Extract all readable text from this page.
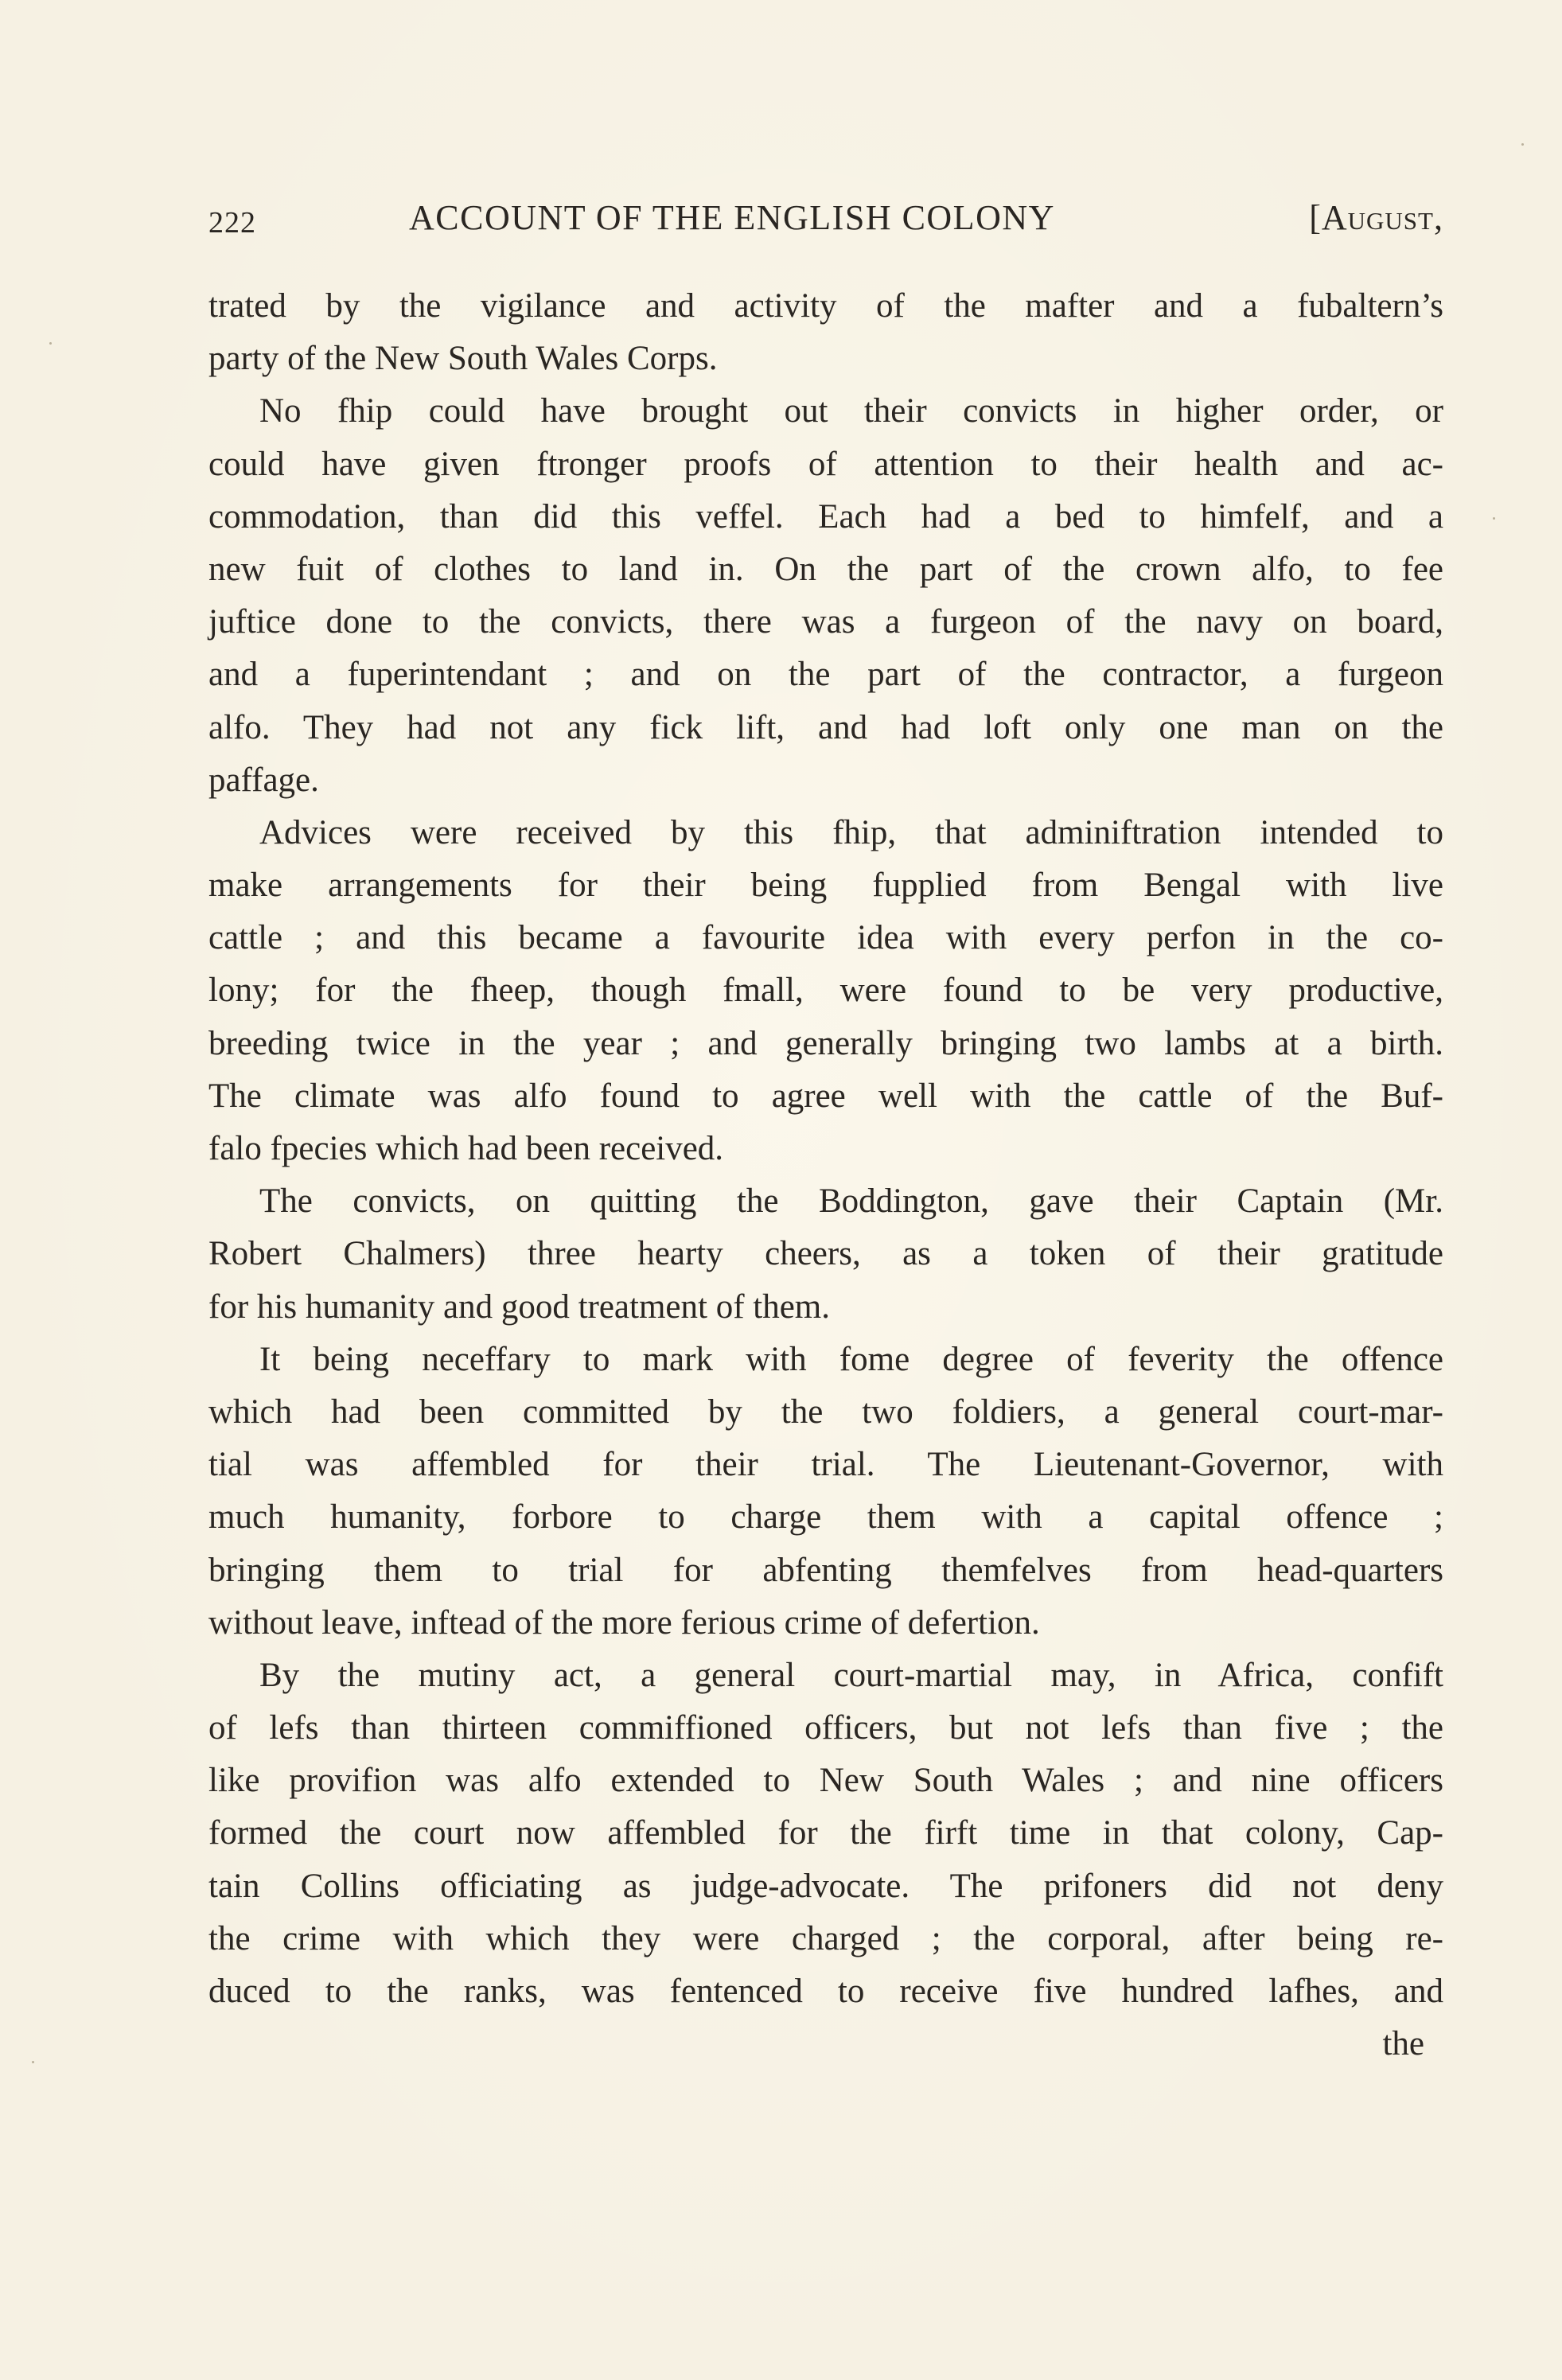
222	ACCOUNT OF THE ENGLISH COLONY	[August,
trated by the vigilance and activity of the mafter and a fubaltern’s
party of the New South Wales Corps.
No fhip could have brought out their convicts in higher order, or
could have given ftronger proofs of attention to their health and ac-
commodation, than did this veffel. Each had a bed to himfelf, and a
new fuit of clothes to land in. On the part of the crown alfo, to fee
juftice done to the convicts, there was a furgeon of the navy on board,
and a fuperintendant ; and on the part of the contractor, a furgeon
alfo. They had not any fick lift, and had loft only one man on the
paffage.
Advices were received by this fhip, that adminiftration intended to
make arrangements for their being fupplied from Bengal with live
cattle ; and this became a favourite idea with every perfon in the co-
lony; for the fheep, though fmall, were found to be very productive,
breeding twice in the year ; and generally bringing two lambs at a birth.
The climate was alfo found to agree well with the cattle of the Buf-
falo fpecies which had been received.
The convicts, on quitting the Boddington, gave their Captain (Mr.
Robert Chalmers) three hearty cheers, as a token of their gratitude
for his humanity and good treatment of them.
It being neceffary to mark with fome degree of feverity the offence
which had been committed by the two foldiers, a general court-mar-
tial was affembled for their trial. The Lieutenant-Governor, with
much humanity, forbore to charge them with a capital offence ;
bringing them to trial for abfenting themfelves from head-quarters
without leave, inftead of the more ferious crime of defertion.
By the mutiny act, a general court-martial may, in Africa, confift
of lefs than thirteen commiffioned officers, but not lefs than five ; the
like provifion was alfo extended to New South Wales ; and nine officers
formed the court now affembled for the firft time in that colony, Cap-
tain Collins officiating as judge-advocate. The prifoners did not deny
the crime with which they were charged ; the corporal, after being re-
duced to the ranks, was fentenced to receive five hundred lafhes, and
the
